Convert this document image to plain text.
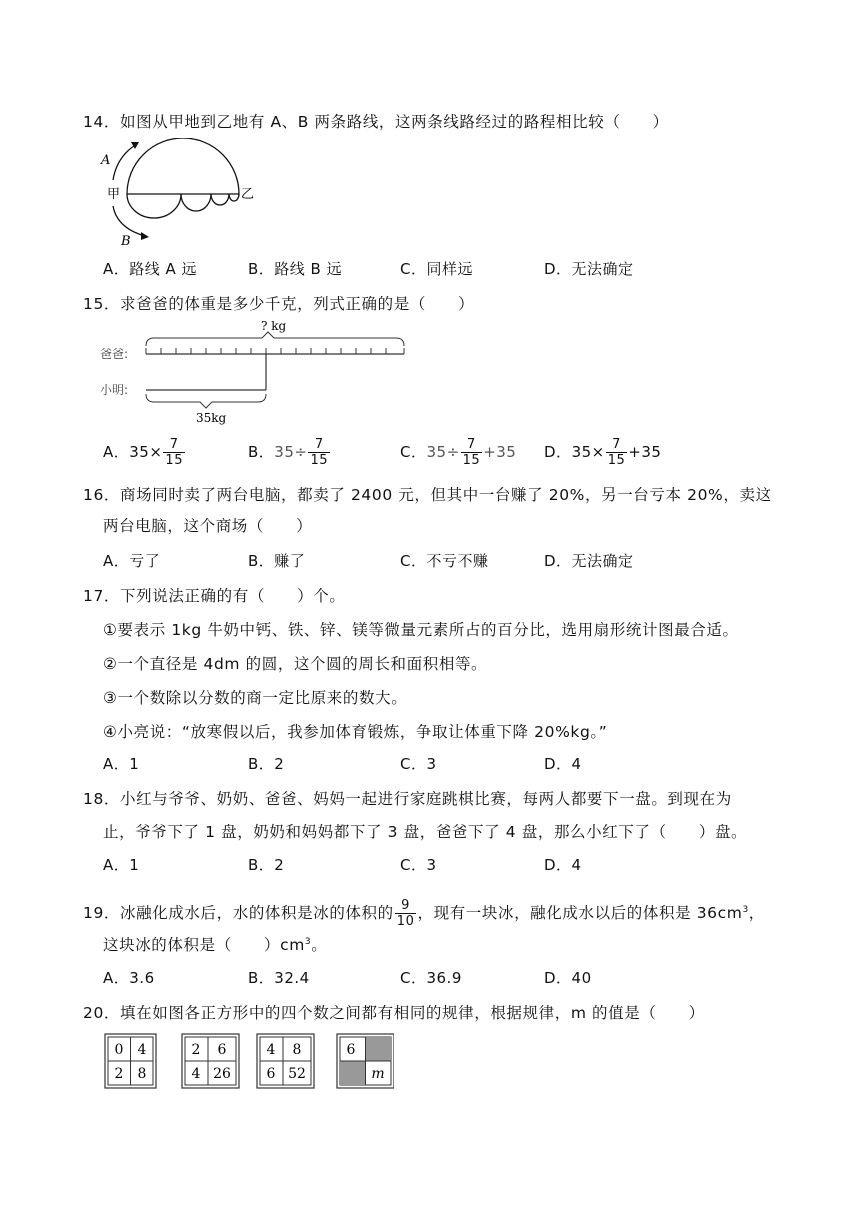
14．如图从甲地到乙地有 A、B 两条路线，这两条线路经过的路程相比较（　　）
A
B
甲	乙
A．路线 A 远	B．路线 B 远	C．同样远	D．无法确定
15．求爸爸的体重是多少千克，列式正确的是（　　）
? kg
爸爸:
小明:
35kg
A．$35\times \frac{7}{15}$	B．$35\div \frac{7}{15}$	C．$35\div \frac{7}{15} +35$ D．$35\times \frac{7}{15} +35$
16．商场同时卖了两台电脑，都卖了 2400 元，但其中一台赚了 20%，另一台亏本 20%，卖这
两台电脑，这个商场（　　）
A．亏了	B．赚了	C．不亏不赚	D．无法确定
17．下列说法正确的有（　　）个。
①要表示 1kg 牛奶中钙、铁、锌、镁等微量元素所占的百分比，选用扇形统计图最合适。
②一个直径是 4dm 的圆，这个圆的周长和面积相等。
③一个数除以分数的商一定比原来的数大。
④小亮说：“放寒假以后，我参加体育锻炼，争取让体重下降 20%kg。”
A．1	B．2	C．3	D．4
18．小红与爷爷、奶奶、爸爸、妈妈一起进行家庭跳棋比赛，每两人都要下一盘。到现在为
止，爷爷下了 1 盘，奶奶和妈妈都下了 3 盘，爸爸下了 4 盘，那么小红下了（　　）盘。
A．1	B．2	C．3	D．4
19．冰融化成水后，水的体积是冰的体积的 $\frac{9}{10}$ ，现有一块冰，融化成水以后的体积是 $36cm^3$，
这块冰的体积是（　　）$cm^3$。
A．3.6	B．32.4	C．36.9	D．40
20．填在如图各正方形中的四个数之间都有相同的规律，根据规律，m 的值是（　　）
0 4
2 8
2 6
4 26
4 8
6 52
6
m
